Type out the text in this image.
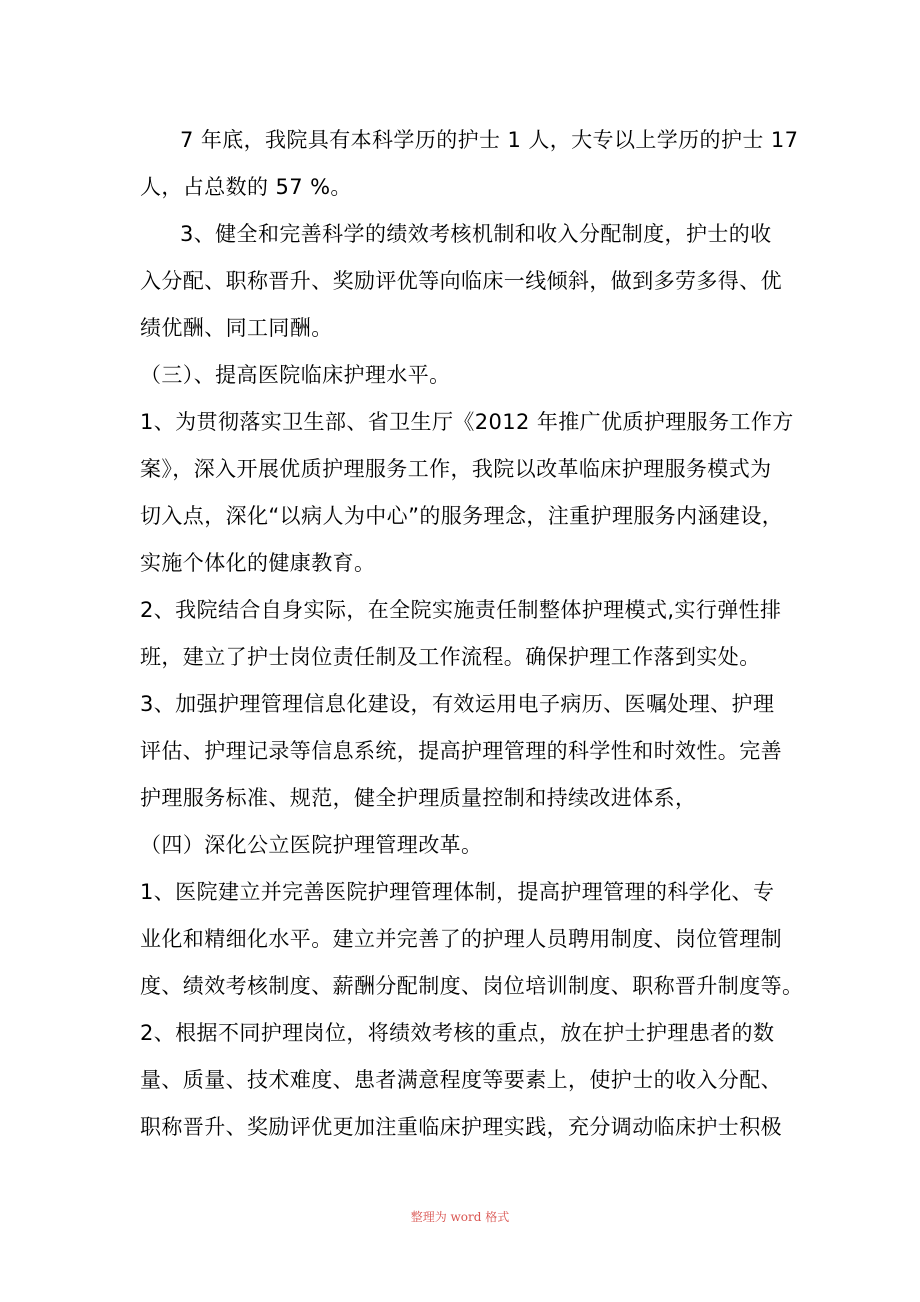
7 年底，我院具有本科学历的护士 1 人，大专以上学历的护士 17
人，占总数的 57 %。
3、健全和完善科学的绩效考核机制和收入分配制度，护士的收
入分配、职称晋升、奖励评优等向临床一线倾斜，做到多劳多得、优
绩优酬、同工同酬。
（三）、提高医院临床护理水平。
1、为贯彻落实卫生部、省卫生厅《2012 年推广优质护理服务工作方
案》，深入开展优质护理服务工作，我院以改革临床护理服务模式为
切入点，深化“以病人为中心”的服务理念，注重护理服务内涵建设，
实施个体化的健康教育。
2、我院结合自身实际，在全院实施责任制整体护理模式,实行弹性排
班，建立了护士岗位责任制及工作流程。确保护理工作落到实处。
3、加强护理管理信息化建设，有效运用电子病历、医嘱处理、护理
评估、护理记录等信息系统，提高护理管理的科学性和时效性。完善
护理服务标准、规范，健全护理质量控制和持续改进体系，
（四）深化公立医院护理管理改革。
1、医院建立并完善医院护理管理体制，提高护理管理的科学化、专
业化和精细化水平。建立并完善了的护理人员聘用制度、岗位管理制
度、绩效考核制度、薪酬分配制度、岗位培训制度、职称晋升制度等。
2、根据不同护理岗位，将绩效考核的重点，放在护士护理患者的数
量、质量、技术难度、患者满意程度等要素上，使护士的收入分配、
职称晋升、奖励评优更加注重临床护理实践，充分调动临床护士积极
整理为 word 格式
